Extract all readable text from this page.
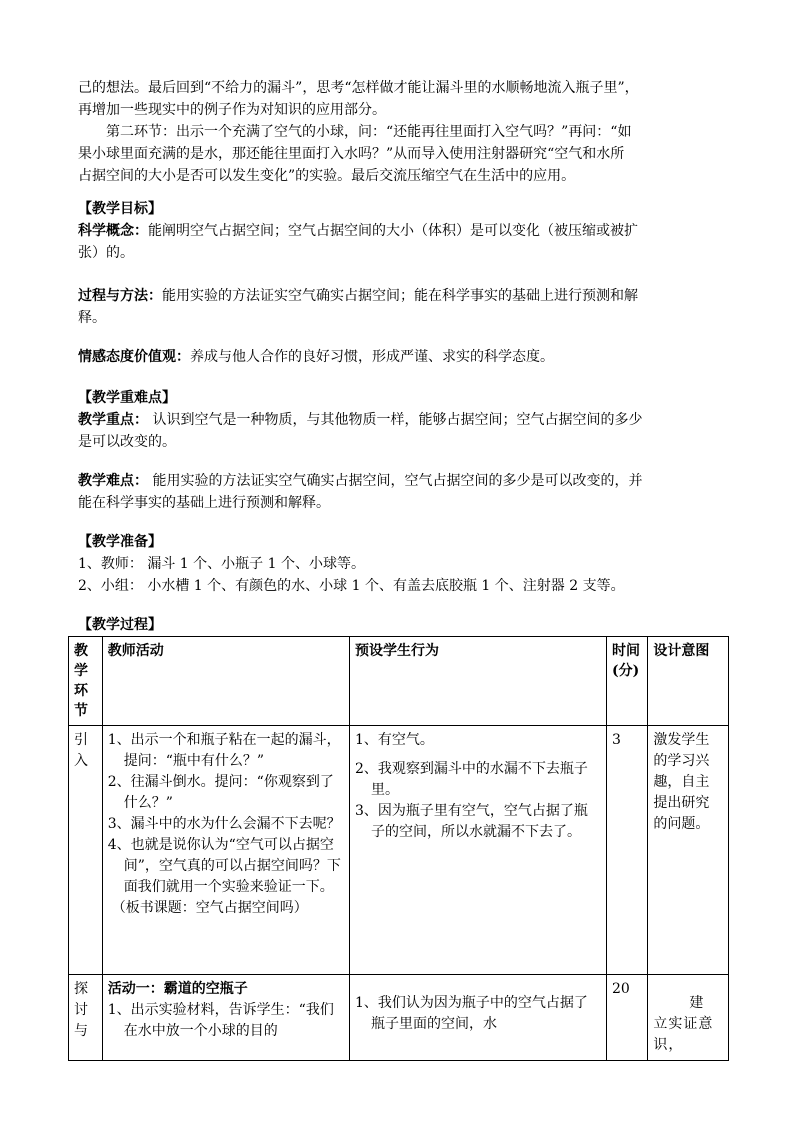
己的想法。最后回到“不给力的漏斗”，思考“怎样做才能让漏斗里的水顺畅地流入瓶子里”，
再增加一些现实中的例子作为对知识的应用部分。
第二环节：出示一个充满了空气的小球，问：“还能再往里面打入空气吗？”再问：“如
果小球里面充满的是水，那还能往里面打入水吗？”从而导入使用注射器研究“空气和水所
占据空间的大小是否可以发生变化”的实验。最后交流压缩空气在生活中的应用。
【教学目标】
科学概念：能阐明空气占据空间；空气占据空间的大小（体积）是可以变化（被压缩或被扩
张）的。
过程与方法：能用实验的方法证实空气确实占据空间；能在科学事实的基础上进行预测和解
释。
情感态度价值观：养成与他人合作的良好习惯，形成严谨、求实的科学态度。
【教学重难点】
教学重点： 认识到空气是一种物质，与其他物质一样，能够占据空间；空气占据空间的多少
是可以改变的。
教学难点： 能用实验的方法证实空气确实占据空间，空气占据空间的多少是可以改变的，并
能在科学事实的基础上进行预测和解释。
【教学准备】
1、教师： 漏斗 1 个、小瓶子 1 个、小球等。
2、小组： 小水槽 1 个、有颜色的水、小球 1 个、有盖去底胶瓶 1 个、注射器 2 支等。
【教学过程】
教
学
环
节	教师活动	预设学生行为	时间
(分)	设计意图

引
入	1、出示一个和瓶子粘在一起的漏斗，提问：“瓶中有什么？”
2、往漏斗倒水。提问：“你观察到了什么？”
3、漏斗中的水为什么会漏不下去呢？
4、也就是说你认为“空气可以占据空间”，空气真的可以占据空间吗？下面我们就用一个实验来验证一下。
（板书课题：空气占据空间吗）	1、有空气。
2、我观察到漏斗中的水漏不下去瓶子里。
3、因为瓶子里有空气，空气占据了瓶子的空间，所以水就漏不下去了。	3	激发学生的学习兴趣，自主提出研究的问题。

探
讨
与	活动一：霸道的空瓶子
1、出示实验材料，告诉学生：“我们在水中放一个小球的目的	1、我们认为因为瓶子中的空气占据了瓶子里面的空间，水	20	建 立实证意识，
